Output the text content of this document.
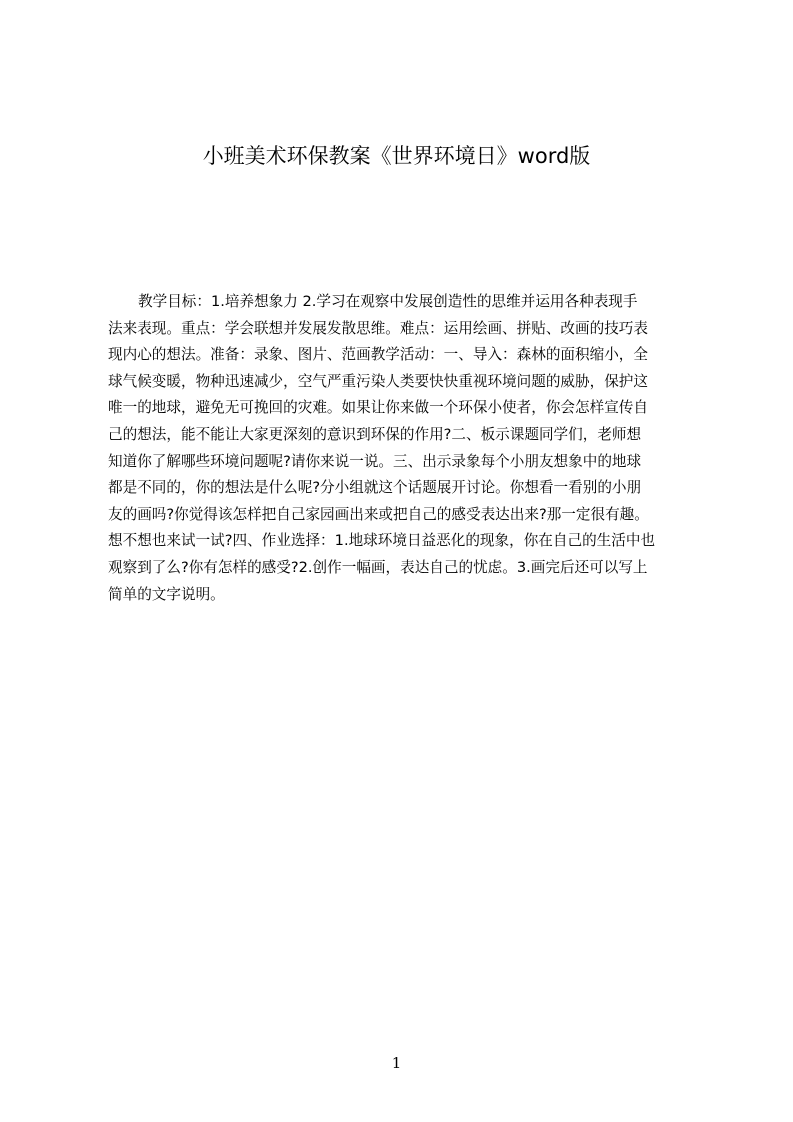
小班美术环保教案《世界环境日》word版
教学目标：1.培养想象力 2.学习在观察中发展创造性的思维并运用各种表现手
法来表现。重点：学会联想并发展发散思维。难点：运用绘画、拼贴、改画的技巧表
现内心的想法。准备：录象、图片、范画教学活动：一、导入：森林的面积缩小，全
球气候变暖，物种迅速减少，空气严重污染人类要快快重视环境问题的威胁，保护这
唯一的地球，避免无可挽回的灾难。如果让你来做一个环保小使者，你会怎样宣传自
己的想法，能不能让大家更深刻的意识到环保的作用?二、板示课题同学们，老师想
知道你了解哪些环境问题呢?请你来说一说。三、出示录象每个小朋友想象中的地球
都是不同的，你的想法是什么呢?分小组就这个话题展开讨论。你想看一看别的小朋
友的画吗?你觉得该怎样把自己家园画出来或把自己的感受表达出来?那一定很有趣。
想不想也来试一试?四、作业选择：1.地球环境日益恶化的现象，你在自己的生活中也
观察到了么?你有怎样的感受?2.创作一幅画，表达自己的忧虑。3.画完后还可以写上
简单的文字说明。
1
